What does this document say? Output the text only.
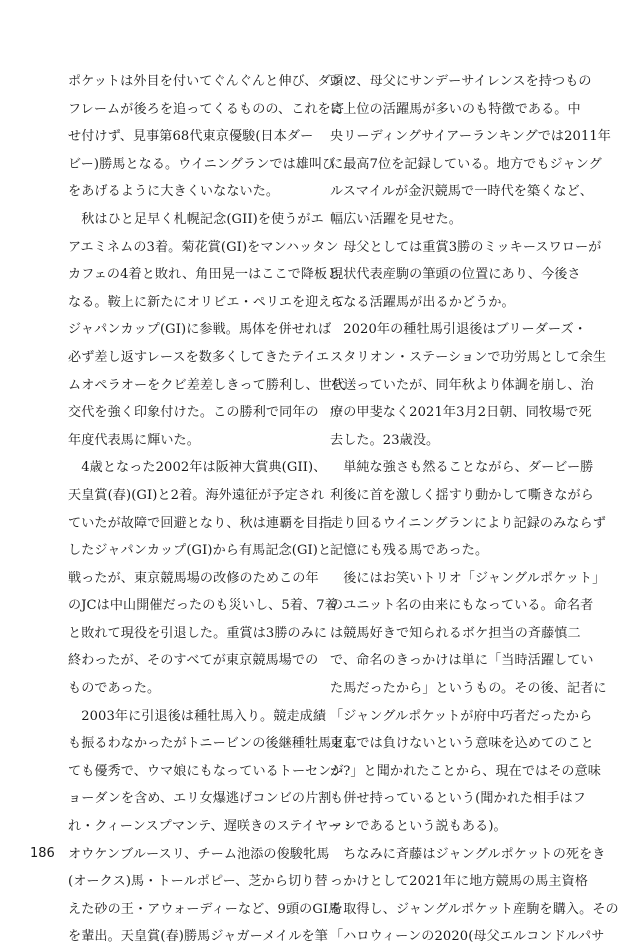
ポケットは外目を付いてぐんぐんと伸び、ダンツ
フレームが後ろを追ってくるものの、これを寄
せ付けず、見事第68代東京優駿(日本ダー
ビー)勝馬となる。ウイニングランでは雄叫び
をあげるように大きくいなないた。
　秋はひと足早く札幌記念(GII)を使うがエ
アエミネムの3着。菊花賞(GI)をマンハッタン
カフェの4着と敗れ、角田晃一はここで降板と
なる。鞍上に新たにオリビエ・ペリエを迎えて
ジャパンカップ(GI)に参戦。馬体を併せれば
必ず差し返すレースを数多くしてきたテイエ
ムオペラオーをクビ差差しきって勝利し、世代
交代を強く印象付けた。この勝利で同年の
年度代表馬に輝いた。
　4歳となった2002年は阪神大賞典(GII)、
天皇賞(春)(GI)と2着。海外遠征が予定され
ていたが故障で回避となり、秋は連覇を目指
したジャパンカップ(GI)から有馬記念(GI)と
戦ったが、東京競馬場の改修のためこの年
のJCは中山開催だったのも災いし、5着、7着
と敗れて現役を引退した。重賞は3勝のみに
終わったが、そのすべてが東京競馬場での
ものであった。
　2003年に引退後は種牡馬入り。競走成績
も振るわなかったがトニービンの後継種牡馬とし
ても優秀で、ウマ娘にもなっているトーセンジ
ョーダンを含め、エリ女爆逃げコンビの片割
れ・クィーンスプマンテ、遅咲きのステイヤー・
オウケンブルースリ、チーム池添の俊駿牝馬
(オークス)馬・トールポピー、芝から切り替
えた砂の王・アウォーディーなど、9頭のGI馬
を輩出。天皇賞(春)勝馬ジャガーメイルを筆
頭に、母父にサンデーサイレンスを持つもの
に上位の活躍馬が多いのも特徴である。中
央リーディングサイアーランキングでは2011年
に最高7位を記録している。地方でもジャング
ルスマイルが金沢競馬で一時代を築くなど、
幅広い活躍を見せた。
　母父としては重賞3勝のミッキースワローが
現状代表産駒の筆頭の位置にあり、今後さ
らなる活躍馬が出るかどうか。
　2020年の種牡馬引退後はブリーダーズ・
スタリオン・ステーションで功労馬として余生
を送っていたが、同年秋より体調を崩し、治
療の甲斐なく2021年3月2日朝、同牧場で死
去した。23歳没。
　単純な強さも然ることながら、ダービー勝
利後に首を激しく揺すり動かして嘶きながら
走り回るウイニングランにより記録のみならず
記憶にも残る馬であった。
　後にはお笑いトリオ「ジャングルポケット」
のユニット名の由来にもなっている。命名者
は競馬好きで知られるボケ担当の斉藤慎二
で、命名のきっかけは単に「当時活躍してい
た馬だったから」というもの。その後、記者に
「ジャングルポケットが府中巧者だったから
東京では負けないという意味を込めてのこと
か?」と聞かれたことから、現在ではその意味
も併せ持っているという(聞かれた相手はフ
ァンであるという説もある)。
　ちなみに斉藤はジャングルポケットの死をき
っかけとして2021年に地方競馬の馬主資格
を取得し、ジャングルポケット産駒を購入。その
「ハロウィーンの2020(母父エルコンドルパサ
186
